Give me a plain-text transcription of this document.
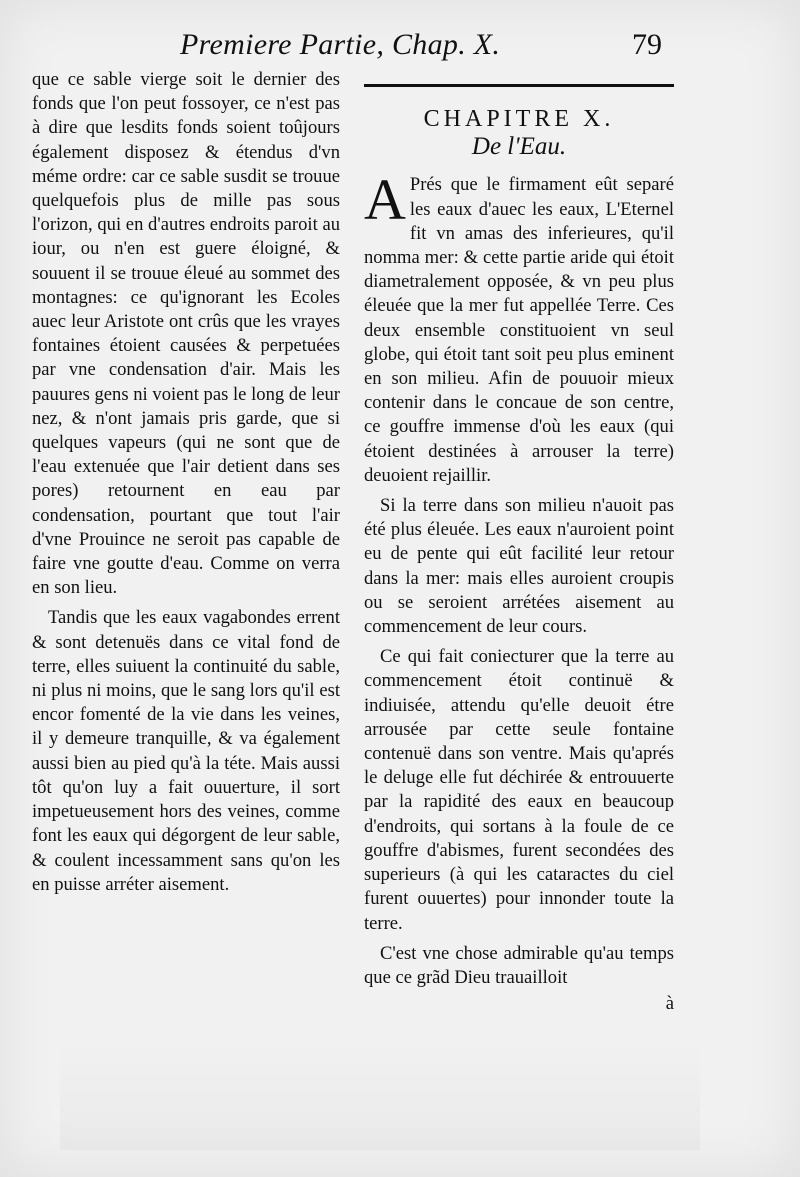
Premiere Partie, Chap. X.	79

que ce sable vierge soit le dernier des fonds que l'on peut fossoyer, ce n'est pas à dire que lesdits fonds soient toûjours également disposez & étendus d'vn méme ordre: car ce sable susdit se trouue quelquefois plus de mille pas sous l'orizon, qui en d'autres endroits paroit au iour, ou n'en est guere éloigné, & souuent il se trouue éleué au sommet des montagnes: ce qu'ignorant les Ecoles auec leur Aristote ont crûs que les vrayes fontaines étoient causées & perpetuées par vne condensation d'air. Mais les pauures gens ni voient pas le long de leur nez, & n'ont jamais pris garde, que si quelques vapeurs (qui ne sont que de l'eau extenuée que l'air detient dans ses pores) retournent en eau par condensation, pourtant que tout l'air d'vne Prouince ne seroit pas capable de faire vne goutte d'eau. Comme on verra en son lieu.

Tandis que les eaux vagabondes errent & sont detenuës dans ce vital fond de terre, elles suiuent la continuité du sable, ni plus ni moins, que le sang lors qu'il est encor fomenté de la vie dans les veines, il y demeure tranquille, & va également aussi bien au pied qu'à la téte. Mais aussi tôt qu'on luy a fait ouuerture, il sort impetueusement hors des veines, comme font les eaux qui dégorgent de leur sable, & coulent incessamment sans qu'on les en puisse arréter aisement.

CHAPITRE X.
De l'Eau.

APrés que le firmament eût separé les eaux d'auec les eaux, L'Eternel fit vn amas des inferieures, qu'il nomma mer: & cette partie aride qui étoit diametralement opposée, & vn peu plus éleuée que la mer fut appellée Terre. Ces deux ensemble constituoient vn seul globe, qui étoit tant soit peu plus eminent en son milieu. Afin de pouuoir mieux contenir dans le concaue de son centre, ce gouffre immense d'où les eaux (qui étoient destinées à arrouser la terre) deuoient rejaillir.

Si la terre dans son milieu n'auoit pas été plus éleuée. Les eaux n'auroient point eu de pente qui eût facilité leur retour dans la mer: mais elles auroient croupis ou se seroient arrétées aisement au commencement de leur cours.

Ce qui fait coniecturer que la terre au commencement étoit continuë & indiuisée, attendu qu'elle deuoit étre arrousée par cette seule fontaine contenuë dans son ventre. Mais qu'aprés le deluge elle fut déchirée & entrouuerte par la rapidité des eaux en beaucoup d'endroits, qui sortans à la foule de ce gouffre d'abismes, furent secondées des superieurs (à qui les cataractes du ciel furent ouuertes) pour innonder toute la terre.

C'est vne chose admirable qu'au temps que ce grãd Dieu trauailloit

à
